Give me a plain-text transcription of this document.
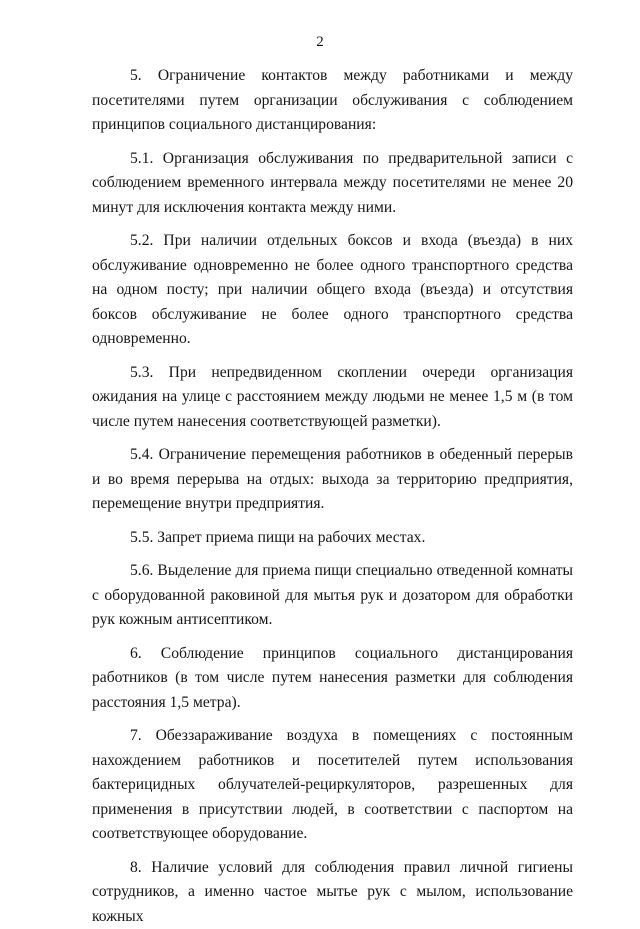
2

5. Ограничение контактов между работниками и между посетителями путем организации обслуживания с соблюдением принципов социального дистанцирования:

5.1. Организация обслуживания по предварительной записи с соблюдением временного интервала между посетителями не менее 20 минут для исключения контакта между ними.

5.2. При наличии отдельных боксов и входа (въезда) в них обслуживание одновременно не более одного транспортного средства на одном посту; при наличии общего входа (въезда) и отсутствия боксов обслуживание не более одного транспортного средства одновременно.

5.3. При непредвиденном скоплении очереди организация ожидания на улице с расстоянием между людьми не менее 1,5 м (в том числе путем нанесения соответствующей разметки).

5.4. Ограничение перемещения работников в обеденный перерыв и во время перерыва на отдых: выхода за территорию предприятия, перемещение внутри предприятия.

5.5. Запрет приема пищи на рабочих местах.

5.6. Выделение для приема пищи специально отведенной комнаты с оборудованной раковиной для мытья рук и дозатором для обработки рук кожным антисептиком.

6. Соблюдение принципов социального дистанцирования работников (в том числе путем нанесения разметки для соблюдения расстояния 1,5 метра).

7. Обеззараживание воздуха в помещениях с постоянным нахождением работников и посетителей путем использования бактерицидных облучателей-рециркуляторов, разрешенных для применения в присутствии людей, в соответствии с паспортом на соответствующее оборудование.

8. Наличие условий для соблюдения правил личной гигиены сотрудников, а именно частое мытье рук с мылом, использование кожных
